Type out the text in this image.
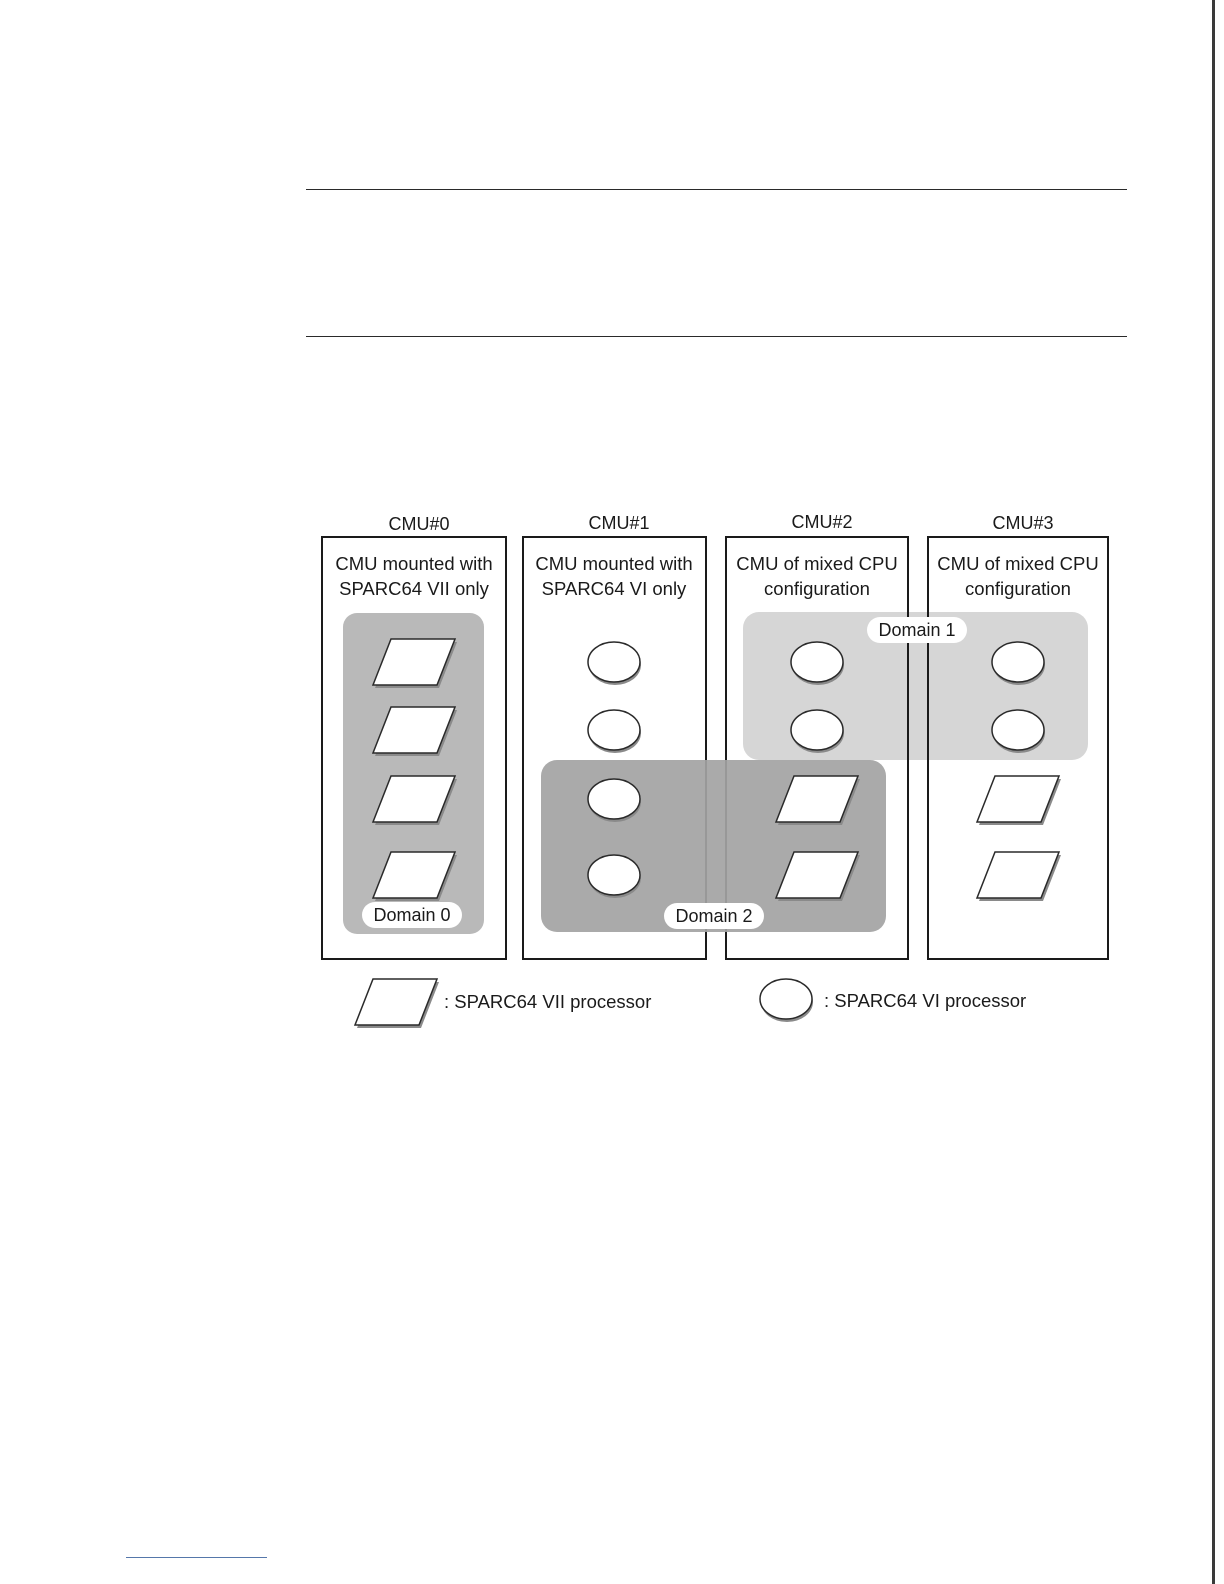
CMU#0
CMU mounted with
SPARC64 VII only
CMU#1
CMU mounted with
SPARC64 VI only
CMU#2
CMU of mixed CPU
configuration
CMU#3
CMU of mixed CPU
configuration
Domain 0
Domain 1
Domain 2
: SPARC64 VII processor	: SPARC64 VI processor
